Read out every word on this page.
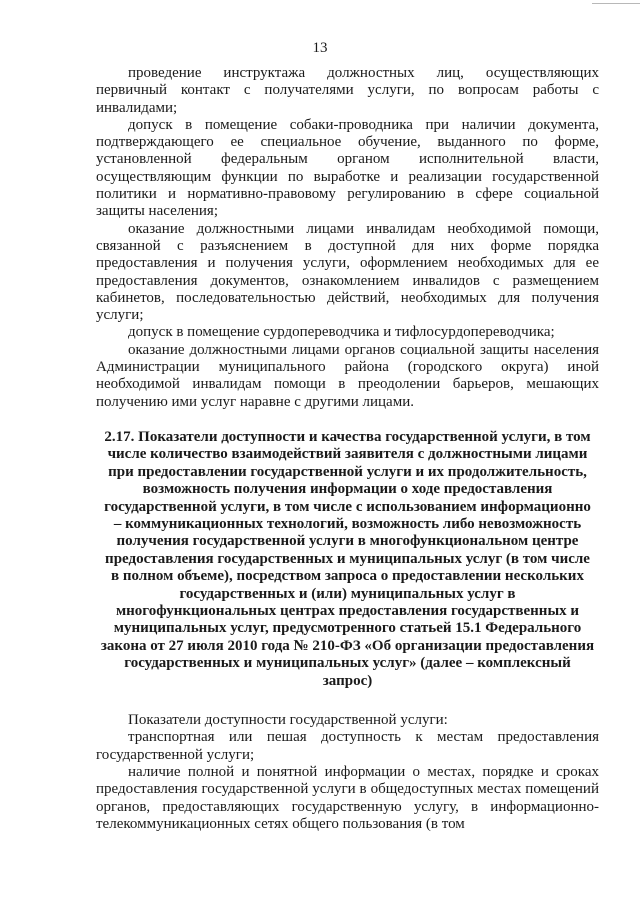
13

проведение инструктажа должностных лиц, осуществляющих первичный контакт с получателями услуги, по вопросам работы с инвалидами;

допуск в помещение собаки-проводника при наличии документа, подтверждающего ее специальное обучение, выданного по форме, установленной федеральным органом исполнительной власти, осуществляющим функции по выработке и реализации государственной политики и нормативно-правовому регулированию в сфере социальной защиты населения;

оказание должностными лицами инвалидам необходимой помощи, связанной с разъяснением в доступной для них форме порядка предоставления и получения услуги, оформлением необходимых для ее предоставления документов, ознакомлением инвалидов с размещением кабинетов, последовательностью действий, необходимых для получения услуги;

допуск в помещение сурдопереводчика и тифлосурдопереводчика;

оказание должностными лицами органов социальной защиты населения Администрации муниципального района (городского округа) иной необходимой инвалидам помощи в преодолении барьеров, мешающих получению ими услуг наравне с другими лицами.

2.17. Показатели доступности и качества государственной услуги, в том числе количество взаимодействий заявителя с должностными лицами при предоставлении государственной услуги и их продолжительность, возможность получения информации о ходе предоставления государственной услуги, в том числе с использованием информационно – коммуникационных технологий, возможность либо невозможность получения государственной услуги в многофункциональном центре предоставления государственных и муниципальных услуг (в том числе в полном объеме), посредством запроса о предоставлении нескольких государственных и (или) муниципальных услуг в многофункциональных центрах предоставления государственных и муниципальных услуг, предусмотренного статьей 15.1 Федерального закона от 27 июля 2010 года № 210-ФЗ «Об организации предоставления государственных и муниципальных услуг» (далее – комплексный запрос)

Показатели доступности государственной услуги:

транспортная или пешая доступность к местам предоставления государственной услуги;

наличие полной и понятной информации о местах, порядке и сроках предоставления государственной услуги в общедоступных местах помещений органов, предоставляющих государственную услугу, в информационно-телекоммуникационных сетях общего пользования (в том
